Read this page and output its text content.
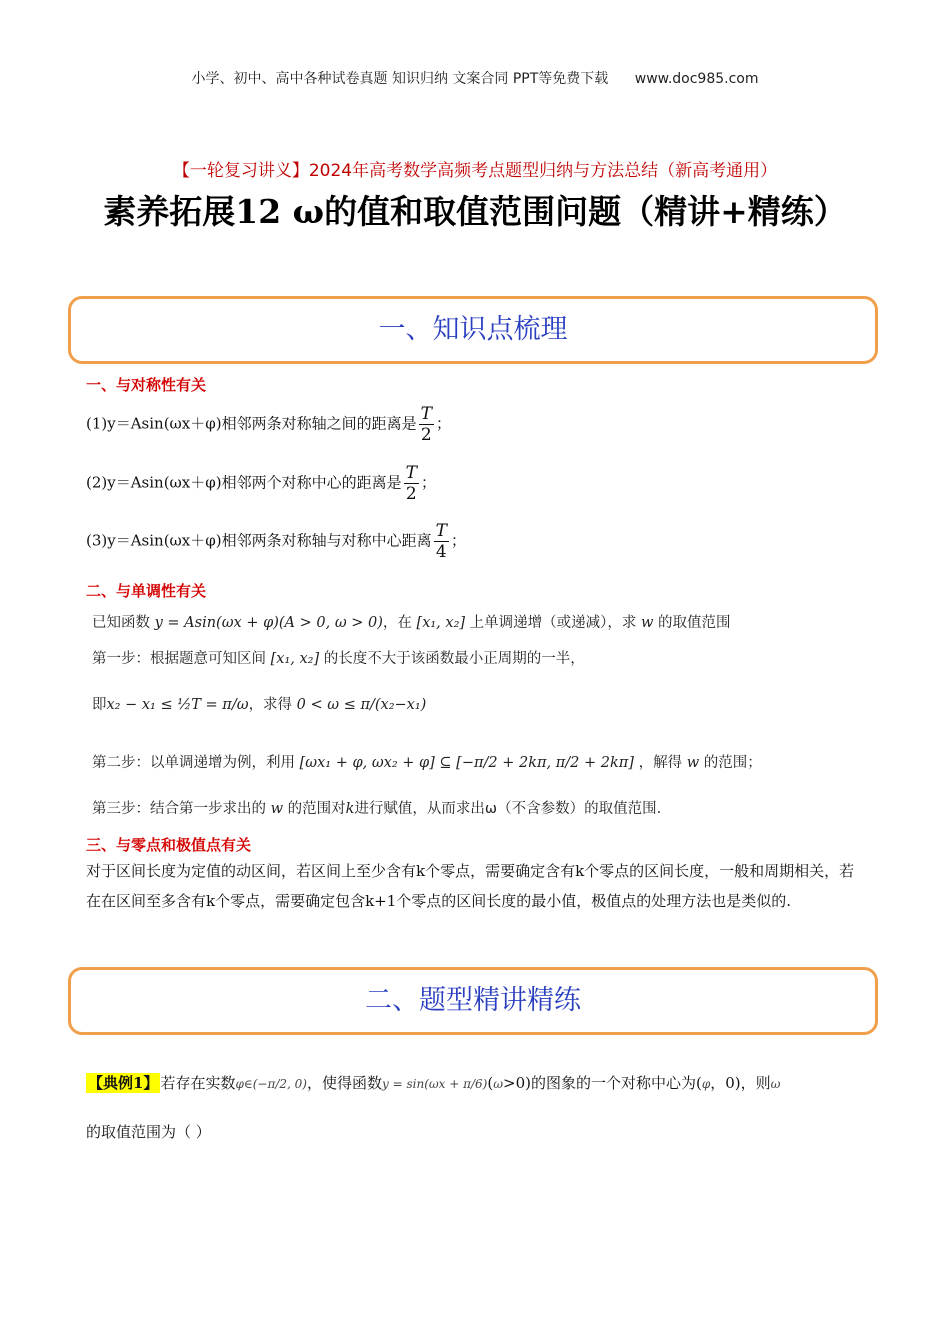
小学、初中、高中各种试卷真题 知识归纳 文案合同 PPT等免费下载 www.doc985.com
【一轮复习讲义】2024年高考数学高频考点题型归纳与方法总结（新高考通用）
素养拓展12 ω的值和取值范围问题（精讲+精练）
一、知识点梳理
一、与对称性有关
(1)y＝Asin(ωx＋φ)相邻两条对称轴之间的距离是 $\frac{T}{2}$ ；
(2)y＝Asin(ωx＋φ)相邻两个对称中心的距离是 $\frac{T}{2}$ ；
(3)y＝Asin(ωx＋φ)相邻两条对称轴与对称中心距离 $\frac{T}{4}$ ；
二、与单调性有关
已知函数 y = Asin(ωx + φ)(A > 0, ω > 0)，在 [x₁, x₂] 上单调递增（或递减），求 w 的取值范围
第一步：根据题意可知区间 [x₁, x₂] 的长度不大于该函数最小正周期的一半，
即x₂ − x₁ ≤ ½T = π/ω，求得 0 < ω ≤ π/(x₂−x₁)
第二步：以单调递增为例，利用 [ωx₁ + φ, ωx₂ + φ] ⊆ [−π/2 + 2kπ, π/2 + 2kπ] ，解得 w 的范围；
第三步：结合第一步求出的 w 的范围对k进行赋值，从而求出ω（不含参数）的取值范围.
三、与零点和极值点有关
对于区间长度为定值的动区间，若区间上至少含有k个零点，需要确定含有k个零点的区间长度，一般和周期相关，若在在区间至多含有k个零点，需要确定包含k+1个零点的区间长度的最小值，极值点的处理方法也是类似的.
二、题型精讲精练
【典例1】 若存在实数φ∈(−π/2, 0)，使得函数y = sin(ωx + π/6)(ω>0)的图象的一个对称中心为(φ，0)，则ω
的取值范围为（ ）
